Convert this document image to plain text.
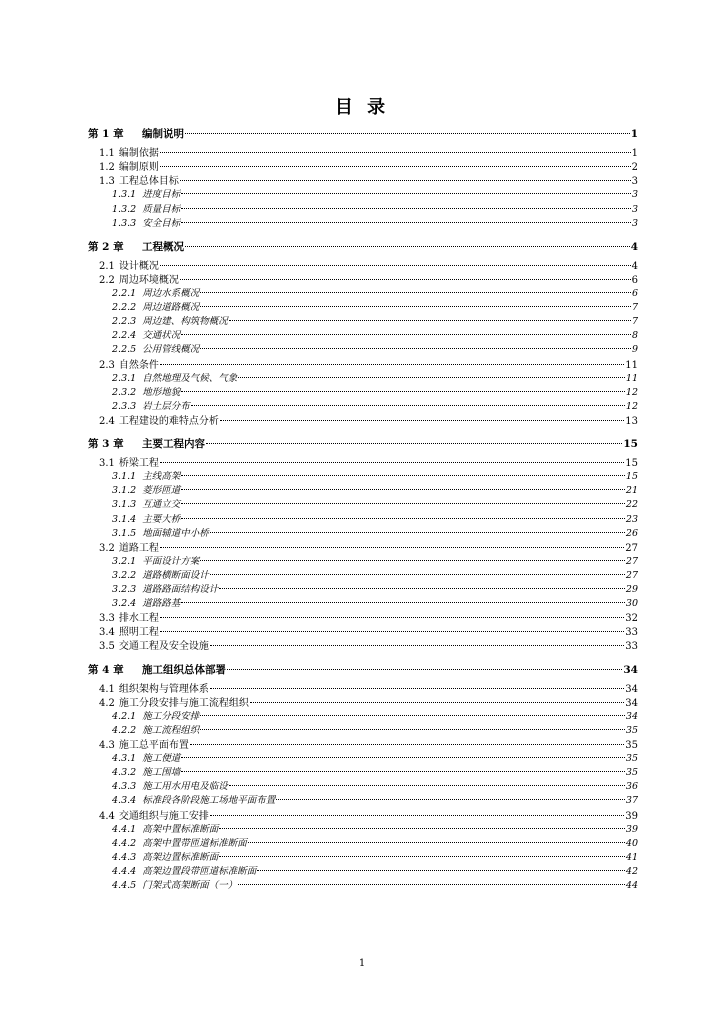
目 录
第 1 章	编制说明	1
1.1 编制依据	1
1.2 编制原则	2
1.3 工程总体目标	3
1.3.1 进度目标	3
1.3.2 质量目标	3
1.3.3 安全目标	3
第 2 章	工程概况	4
2.1 设计概况	4
2.2 周边环境概况	6
2.2.1 周边水系概况	6
2.2.2 周边道路概况	7
2.2.3 周边建、构筑物概况	7
2.2.4 交通状况	8
2.2.5 公用管线概况	9
2.3 自然条件	11
2.3.1 自然地理及气候、气象	11
2.3.2 地形地貌	12
2.3.3 岩土层分布	12
2.4 工程建设的难特点分析	13
第 3 章	主要工程内容	15
3.1 桥梁工程	15
3.1.1 主线高架	15
3.1.2 菱形匝道	21
3.1.3 互通立交	22
3.1.4 主要大桥	23
3.1.5 地面辅道中小桥	26
3.2 道路工程	27
3.2.1 平面设计方案	27
3.2.2 道路横断面设计	27
3.2.3 道路路面结构设计	29
3.2.4 道路路基	30
3.3 排水工程	32
3.4 照明工程	33
3.5 交通工程及安全设施	33
第 4 章	施工组织总体部署	34
4.1 组织架构与管理体系	34
4.2 施工分段安排与施工流程组织	34
4.2.1 施工分段安排	34
4.2.2 施工流程组织	35
4.3 施工总平面布置	35
4.3.1 施工便道	35
4.3.2 施工围墙	35
4.3.3 施工用水用电及临设	36
4.3.4 标准段各阶段施工场地平面布置	37
4.4 交通组织与施工安排	39
4.4.1 高架中置标准断面	39
4.4.2 高架中置带匝道标准断面	40
4.4.3 高架边置标准断面	41
4.4.4 高架边置段带匝道标准断面	42
4.4.5 门架式高架断面（一）	44
1
